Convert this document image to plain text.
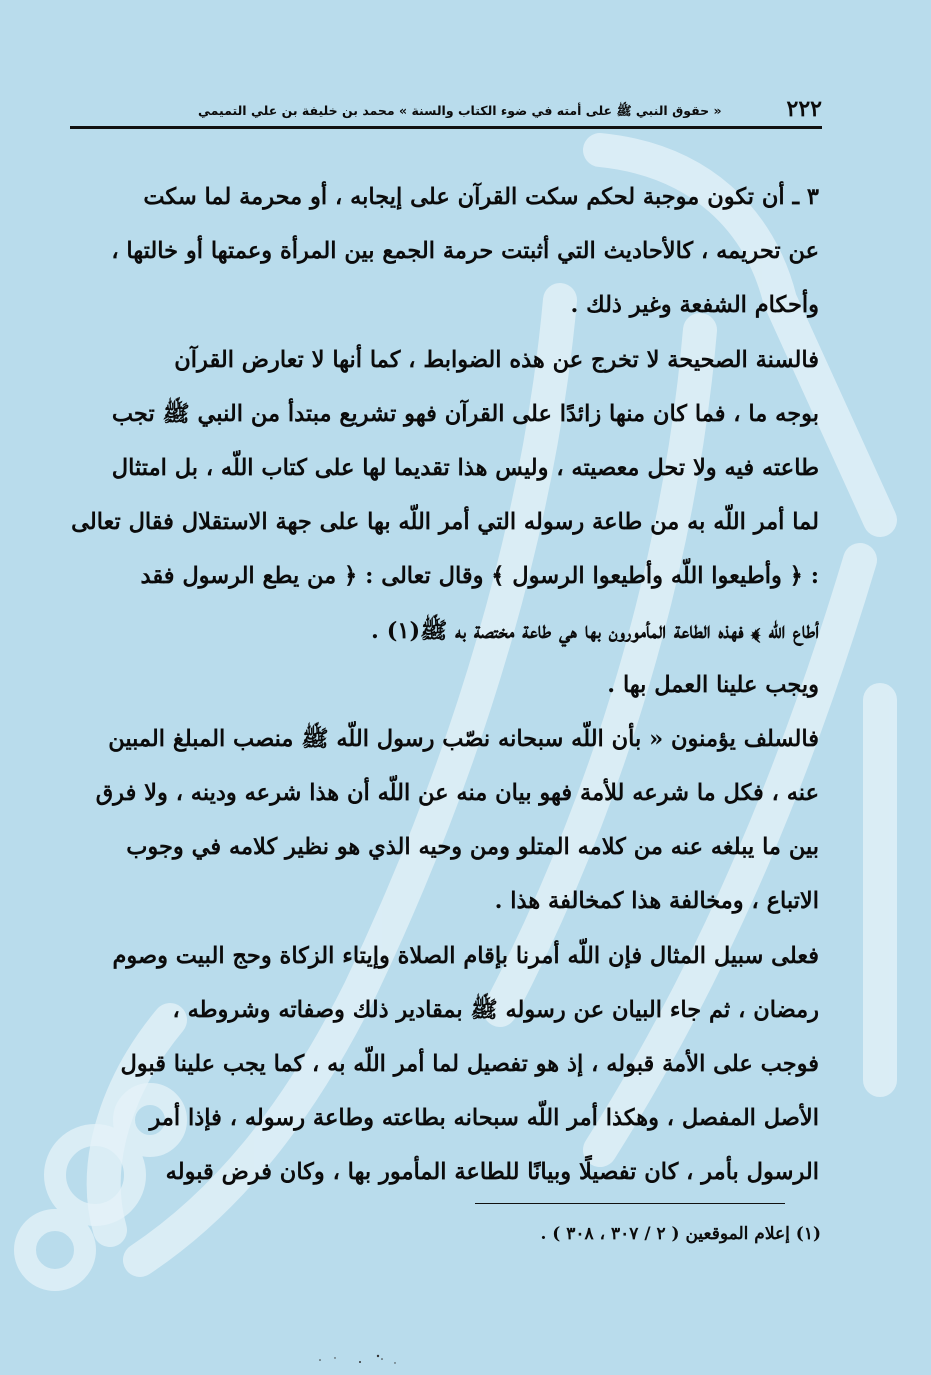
٢٢٢
« حقوق النبي ﷺ على أمته في ضوء الكتاب والسنة » محمد بن خليفة بن علي التميمي
٣ ـ أن تكون موجبة لحكم سكت القرآن على إيجابه ، أو محرمة لما سكت
عن تحريمه ، كالأحاديث التي أثبتت حرمة الجمع بين المرأة وعمتها أو خالتها ،
وأحكام الشفعة وغير ذلك .
فالسنة الصحيحة لا تخرج عن هذه الضوابط ، كما أنها لا تعارض القرآن
بوجه ما ، فما كان منها زائدًا على القرآن فهو تشريع مبتدأ من النبي ﷺ تجب
طاعته فيه ولا تحل معصيته ، وليس هذا تقديما لها على كتاب اللّه ، بل امتثال
لما أمر اللّه به من طاعة رسوله التي أمر اللّه بها على جهة الاستقلال فقال تعالى
: ﴿ وأطيعوا اللّه وأطيعوا الرسول ﴾ وقال تعالى : ﴿ من يطع الرسول فقد
أطاع اللّه ﴾ فهذه الطاعة المأمورون بها هي طاعة مختصة به ﷺ(١) .
ويجب علينا العمل بها .
فالسلف يؤمنون « بأن اللّه سبحانه نصّب رسول اللّه ﷺ منصب المبلغ المبين
عنه ، فكل ما شرعه للأمة فهو بيان منه عن اللّه أن هذا شرعه ودينه ، ولا فرق
بين ما يبلغه عنه من كلامه المتلو ومن وحيه الذي هو نظير كلامه في وجوب
الاتباع ، ومخالفة هذا كمخالفة هذا .
فعلى سبيل المثال فإن اللّه أمرنا بإقام الصلاة وإيتاء الزكاة وحج البيت وصوم
رمضان ، ثم جاء البيان عن رسوله ﷺ بمقادير ذلك وصفاته وشروطه ،
فوجب على الأمة قبوله ، إذ هو تفصيل لما أمر اللّه به ، كما يجب علينا قبول
الأصل المفصل ، وهكذا أمر اللّه سبحانه بطاعته وطاعة رسوله ، فإذا أمر
الرسول بأمر ، كان تفصيلًا وبيانًا للطاعة المأمور بها ، وكان فرض قبوله
(١) إعلام الموقعين ( ٢ / ٣٠٧ ، ٣٠٨ ) .
